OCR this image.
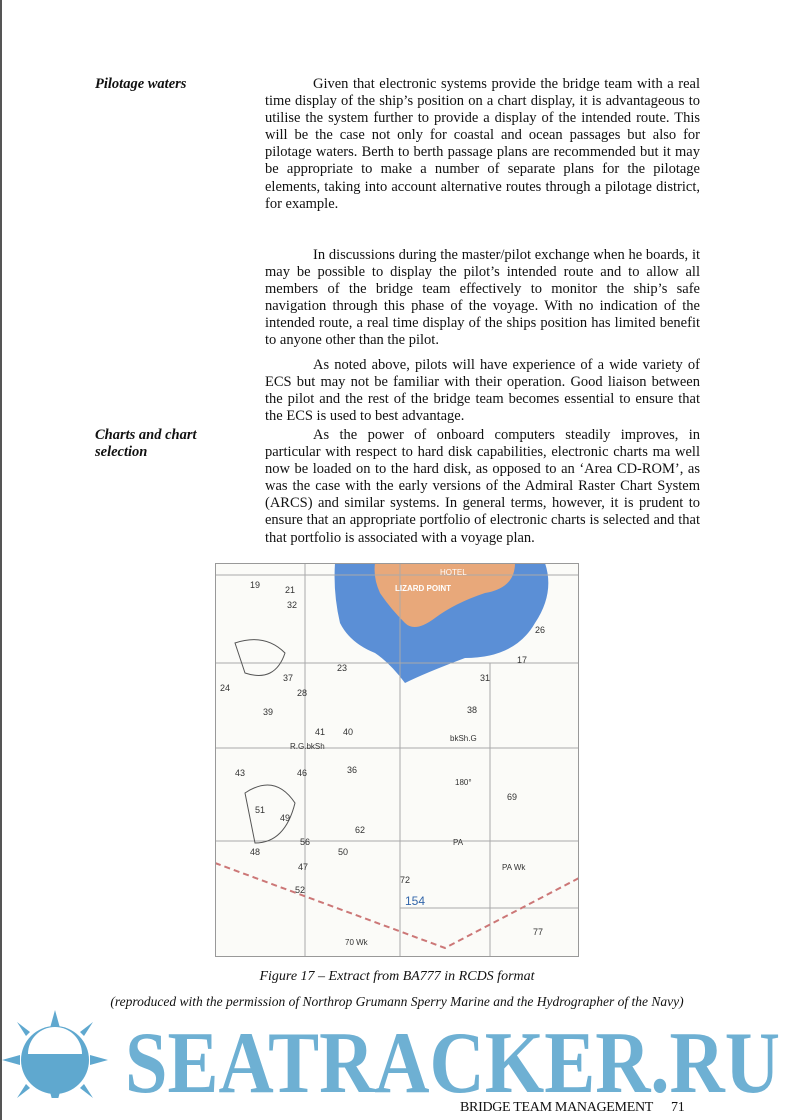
Pilotage waters	Given that electronic systems provide the bridge team with a real time display of the ship’s position on a chart display, it is advantageous to utilise the system further to provide a display of the intended route. This will be the case not only for coastal and ocean passages but also for pilotage waters. Berth to berth passage plans are recommended but it may be appropriate to make a number of separate plans for the pilotage elements, taking into account alternative routes through a pilotage district, for example.

In discussions during the master/pilot exchange when he boards, it may be possible to display the pilot’s intended route and to allow all members of the bridge team effectively to monitor the ship’s safe navigation through this phase of the voyage. With no indication of the intended route, a real time display of the ships position has limited benefit to anyone other than the pilot.

As noted above, pilots will have experience of a wide variety of ECS but may not be familiar with their operation. Good liaison between the pilot and the rest of the bridge team becomes essential to ensure that the ECS is used to best advantage.

Charts and chart selection

As the power of onboard computers steadily improves, in particular with respect to hard disk capabilities, electronic charts ma well now be loaded on to the hard disk, as opposed to an ‘Area CD-ROM’, as was the case with the early versions of the Admiral Raster Chart System (ARCS) and similar systems. In general terms, however, it is prudent to ensure that an appropriate portfolio of electronic charts is selected and that that portfolio is associated with a voyage plan.

LIZARD POINT
HOTEL
R.G.bkSh
bkSh.G
PA
PA Wk
70 Wk
154
180°
19	21
32
37
39
41 40
36
43	46
51
49
56
62
50
48
47
52
72
69
77
31
38
24	28
23
17
26
Figure 17 – Extract from BA777 in RCDS format
(reproduced with the permission of Northrop Grumann Sperry Marine and the Hydrographer of the Navy)
SEATRACKER.RU
BRIDGE TEAM MANAGEMENT 71
